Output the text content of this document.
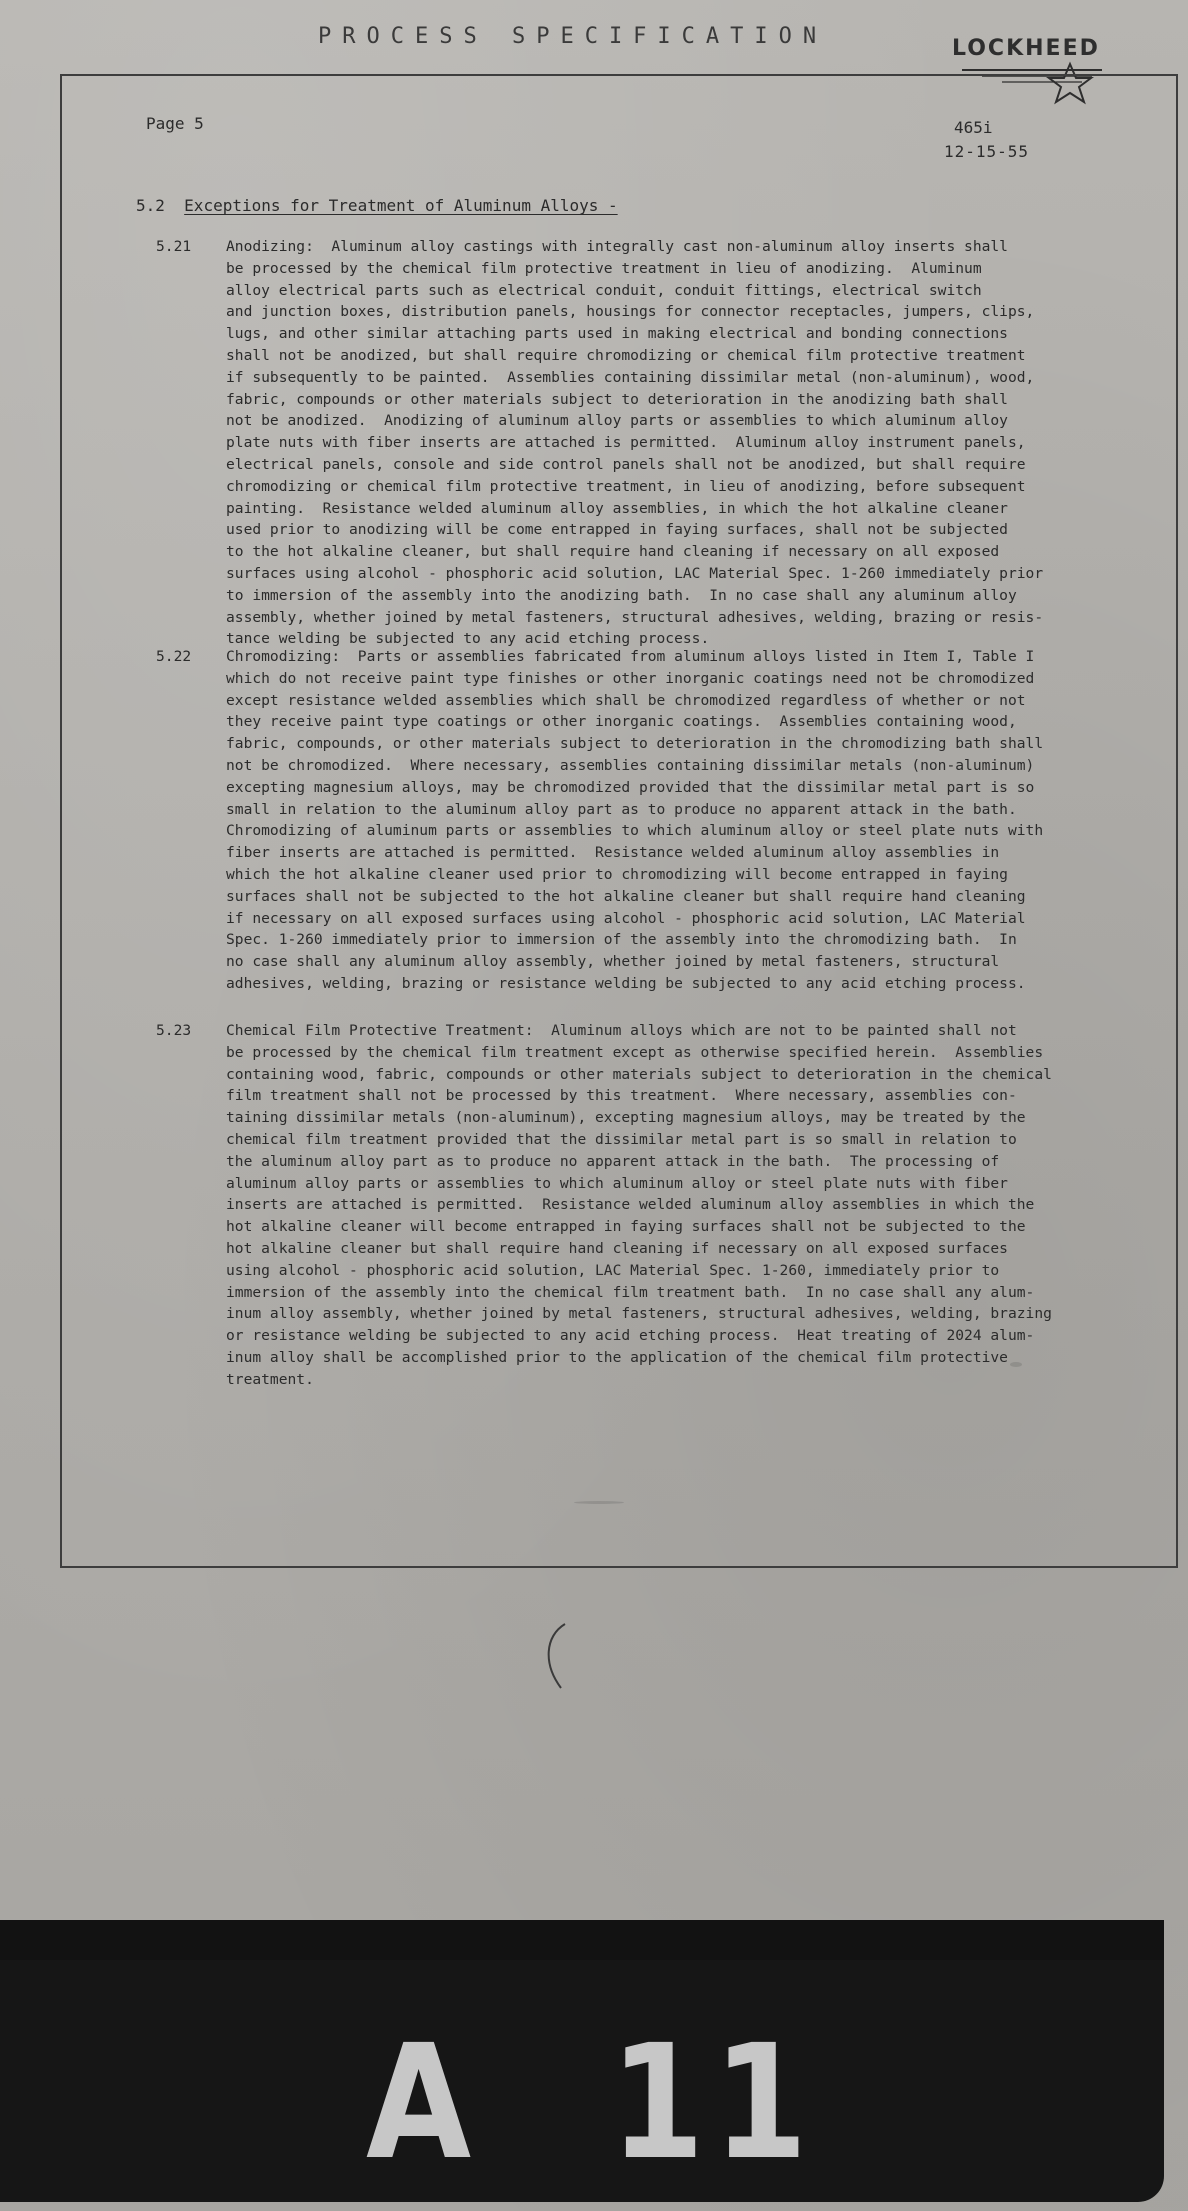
PROCESS SPECIFICATION	LOCKHEED
Page 5	465i
12-15-55
5.2 Exceptions for Treatment of Aluminum Alloys -
5.21	Anodizing:  Aluminum alloy castings with integrally cast non-aluminum alloy inserts shall
be processed by the chemical film protective treatment in lieu of anodizing.  Aluminum
alloy electrical parts such as electrical conduit, conduit fittings, electrical switch
and junction boxes, distribution panels, housings for connector receptacles, jumpers, clips,
lugs, and other similar attaching parts used in making electrical and bonding connections
shall not be anodized, but shall require chromodizing or chemical film protective treatment
if subsequently to be painted.  Assemblies containing dissimilar metal (non-aluminum), wood,
fabric, compounds or other materials subject to deterioration in the anodizing bath shall
not be anodized.  Anodizing of aluminum alloy parts or assemblies to which aluminum alloy
plate nuts with fiber inserts are attached is permitted.  Aluminum alloy instrument panels,
electrical panels, console and side control panels shall not be anodized, but shall require
chromodizing or chemical film protective treatment, in lieu of anodizing, before subsequent
painting.  Resistance welded aluminum alloy assemblies, in which the hot alkaline cleaner
used prior to anodizing will be come entrapped in faying surfaces, shall not be subjected
to the hot alkaline cleaner, but shall require hand cleaning if necessary on all exposed
surfaces using alcohol - phosphoric acid solution, LAC Material Spec. 1-260 immediately prior
to immersion of the assembly into the anodizing bath.  In no case shall any aluminum alloy
assembly, whether joined by metal fasteners, structural adhesives, welding, brazing or resis-
tance welding be subjected to any acid etching process.
5.22	Chromodizing:  Parts or assemblies fabricated from aluminum alloys listed in Item I, Table I
which do not receive paint type finishes or other inorganic coatings need not be chromodized
except resistance welded assemblies which shall be chromodized regardless of whether or not
they receive paint type coatings or other inorganic coatings.  Assemblies containing wood,
fabric, compounds, or other materials subject to deterioration in the chromodizing bath shall
not be chromodized.  Where necessary, assemblies containing dissimilar metals (non-aluminum)
excepting magnesium alloys, may be chromodized provided that the dissimilar metal part is so
small in relation to the aluminum alloy part as to produce no apparent attack in the bath.
Chromodizing of aluminum parts or assemblies to which aluminum alloy or steel plate nuts with
fiber inserts are attached is permitted.  Resistance welded aluminum alloy assemblies in
which the hot alkaline cleaner used prior to chromodizing will become entrapped in faying
surfaces shall not be subjected to the hot alkaline cleaner but shall require hand cleaning
if necessary on all exposed surfaces using alcohol - phosphoric acid solution, LAC Material
Spec. 1-260 immediately prior to immersion of the assembly into the chromodizing bath.  In
no case shall any aluminum alloy assembly, whether joined by metal fasteners, structural
adhesives, welding, brazing or resistance welding be subjected to any acid etching process.
5.23	Chemical Film Protective Treatment:  Aluminum alloys which are not to be painted shall not
be processed by the chemical film treatment except as otherwise specified herein.  Assemblies
containing wood, fabric, compounds or other materials subject to deterioration in the chemical
film treatment shall not be processed by this treatment.  Where necessary, assemblies con-
taining dissimilar metals (non-aluminum), excepting magnesium alloys, may be treated by the
chemical film treatment provided that the dissimilar metal part is so small in relation to
the aluminum alloy part as to produce no apparent attack in the bath.  The processing of
aluminum alloy parts or assemblies to which aluminum alloy or steel plate nuts with fiber
inserts are attached is permitted.  Resistance welded aluminum alloy assemblies in which the
hot alkaline cleaner will become entrapped in faying surfaces shall not be subjected to the
hot alkaline cleaner but shall require hand cleaning if necessary on all exposed surfaces
using alcohol - phosphoric acid solution, LAC Material Spec. 1-260, immediately prior to
immersion of the assembly into the chemical film treatment bath.  In no case shall any alum-
inum alloy assembly, whether joined by metal fasteners, structural adhesives, welding, brazing
or resistance welding be subjected to any acid etching process.  Heat treating of 2024 alum-
inum alloy shall be accomplished prior to the application of the chemical film protective
treatment.
A 11
